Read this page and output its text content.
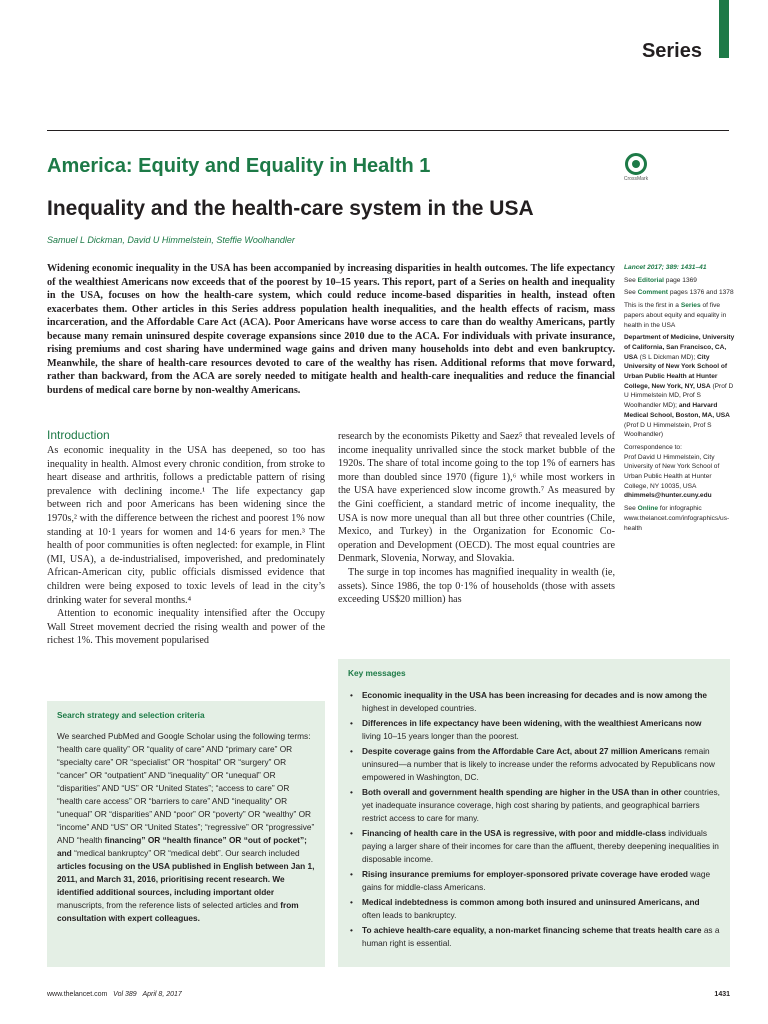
Series
America: Equity and Equality in Health 1
CrossMark
Inequality and the health-care system in the USA
Samuel L Dickman, David U Himmelstein, Steffie Woolhandler

Widening economic inequality in the USA has been accompanied by increasing disparities in health outcomes. The life expectancy of the wealthiest Americans now exceeds that of the poorest by 10–15 years. This report, part of a Series on health and inequality in the USA, focuses on how the health-care system, which could reduce income-based disparities in health, instead often exacerbates them. Other articles in this Series address population health inequalities, and the health effects of racism, mass incarceration, and the Affordable Care Act (ACA). Poor Americans have worse access to care than do wealthy Americans, partly because many remain uninsured despite coverage expansions since 2010 due to the ACA. For individuals with private insurance, rising premiums and cost sharing have undermined wage gains and driven many households into debt and even bankruptcy. Meanwhile, the share of health-care resources devoted to care of the wealthy has risen. Additional reforms that move forward, rather than backward, from the ACA are sorely needed to mitigate health and health-care inequalities and reduce the financial burdens of medical care borne by non-wealthy Americans.

Lancet 2017; 389: 1431–41

See Editorial page 1369

See Comment pages 1376 and 1378

This is the first in a Series of five papers about equity and equality in health in the USA

Department of Medicine, University of California, San Francisco, CA, USA (S L Dickman MD); City University of New York School of Urban Public Health at Hunter College, New York, NY, USA (Prof D U Himmelstein MD, Prof S Woolhandler MD); and Harvard Medical School, Boston, MA, USA (Prof D U Himmelstein, Prof S Woolhandler)

Correspondence to:
Prof David U Himmelstein, City University of New York School of Urban Public Health at Hunter College, NY 10035, USA
dhimmels@hunter.cuny.edu

See Online for infographic www.thelancet.com/infographics/us-health

Introduction

As economic inequality in the USA has deepened, so too has inequality in health. Almost every chronic condition, from stroke to heart disease and arthritis, follows a predictable pattern of rising prevalence with declining income.¹ The life expectancy gap between rich and poor Americans has been widening since the 1970s,² with the difference between the richest and poorest 1% now standing at 10·1 years for women and 14·6 years for men.³ The health of poor communities is often neglected: for example, in Flint (MI, USA), a de-industrialised, impoverished, and predominately African-American city, public officials dismissed evidence that children were being exposed to toxic levels of lead in the city’s drinking water for several months.⁴

Attention to economic inequality intensified after the Occupy Wall Street movement decried the rising wealth and power of the richest 1%. This movement popularised

research by the economists Piketty and Saez⁵ that revealed levels of income inequality unrivalled since the stock market bubble of the 1920s. The share of total income going to the top 1% of earners has more than doubled since 1970 (figure 1),⁶ while most workers in the USA have experienced slow income growth.⁷ As measured by the Gini coefficient, a standard metric of income inequality, the USA is now more unequal than all but three other countries (Chile, Mexico, and Turkey) in the Organization for Economic Co-operation and Development (OECD). The most equal countries are Denmark, Slovenia, Norway, and Slovakia.

The surge in top incomes has magnified inequality in wealth (ie, assets). Since 1986, the top 0·1% of households (those with assets exceeding US$20 million) has

Search strategy and selection criteria

We searched PubMed and Google Scholar using the following terms: “health care quality” OR “quality of care” AND “primary care” OR “specialty care” OR “specialist” OR “hospital” OR “surgery” OR “cancer” OR “outpatient” AND “inequality” OR “unequal” OR “disparities” AND “US” OR “United States”; “access to care” OR “health care access” OR “barriers to care” AND “inequality” OR “unequal” OR “disparities” AND “poor” OR “poverty” OR “wealthy” OR “income” AND “US” OR “United States”; “regressive” OR “progressive” AND “health financing” OR “health finance” OR “out of pocket”; and “medical bankruptcy” OR “medical debt”. Our search included articles focusing on the USA published in English between Jan 1, 2011, and March 31, 2016, prioritising recent research. We identified additional sources, including important older manuscripts, from the reference lists of selected articles and from consultation with expert colleagues.

Key messages
• Economic inequality in the USA has been increasing for decades and is now among the highest in developed countries.
• Differences in life expectancy have been widening, with the wealthiest Americans now living 10–15 years longer than the poorest.
• Despite coverage gains from the Affordable Care Act, about 27 million Americans remain uninsured—a number that is likely to increase under the reforms advocated by Republicans now empowered in Washington, DC.
• Both overall and government health spending are higher in the USA than in other countries, yet inadequate insurance coverage, high cost sharing by patients, and geographical barriers restrict access to care for many.
• Financing of health care in the USA is regressive, with poor and middle-class individuals paying a larger share of their incomes for care than the affluent, thereby deepening inequalities in disposable income.
• Rising insurance premiums for employer-sponsored private coverage have eroded wage gains for middle-class Americans.
• Medical indebtedness is common among both insured and uninsured Americans, and often leads to bankruptcy.
• To achieve health-care equality, a non-market financing scheme that treats health care as a human right is essential.
www.thelancet.com Vol 389 April 8, 2017	1431
